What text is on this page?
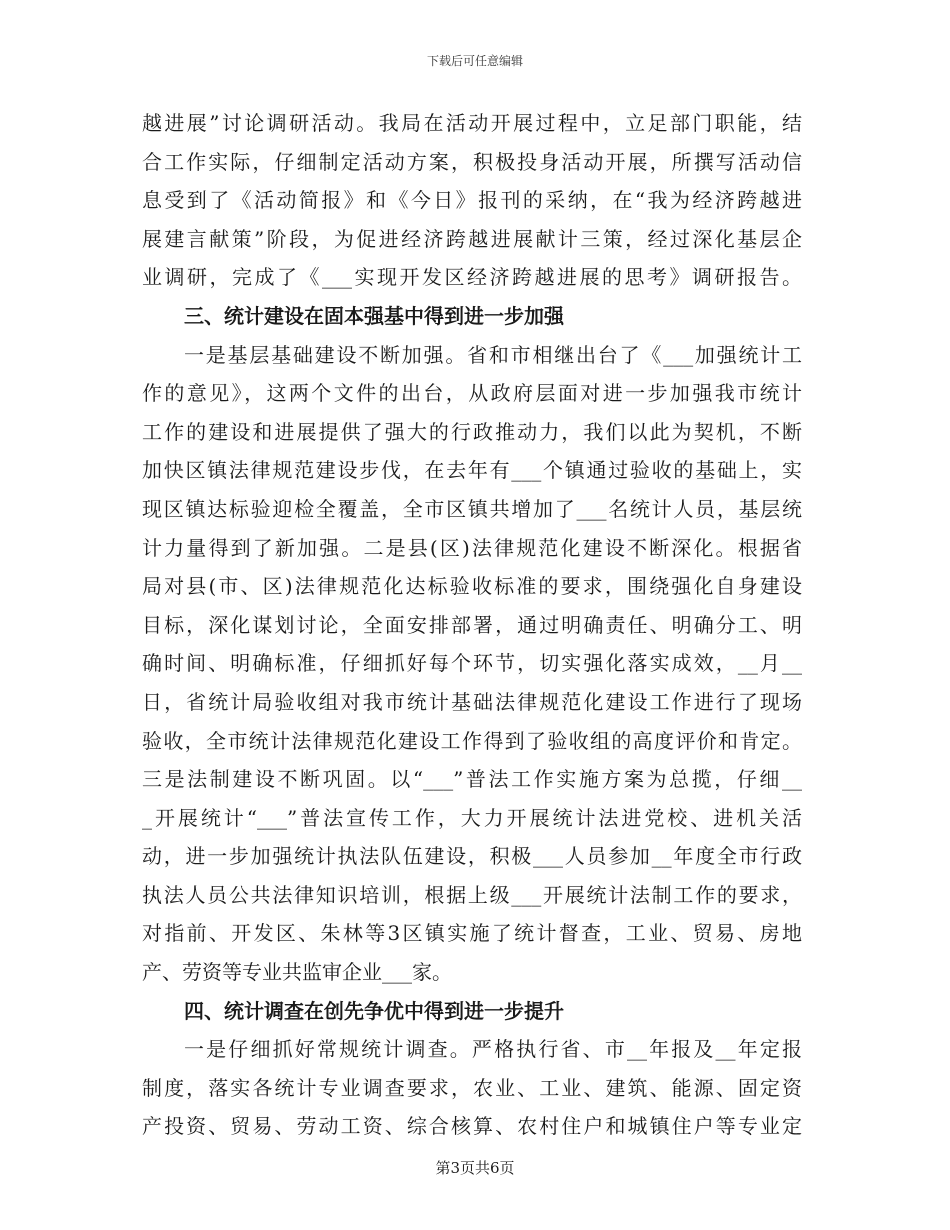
下载后可任意编辑
越进展”讨论调研活动。我局在活动开展过程中，立足部门职能，结
合工作实际，仔细制定活动方案，积极投身活动开展，所撰写活动信
息受到了《活动简报》和《今日》报刊的采纳，在“我为经济跨越进
展建言献策”阶段，为促进经济跨越进展献计三策，经过深化基层企
业调研，完成了《___实现开发区经济跨越进展的思考》调研报告。
三、统计建设在固本强基中得到进一步加强
一是基层基础建设不断加强。省和市相继出台了《___加强统计工
作的意见》，这两个文件的出台，从政府层面对进一步加强我市统计
工作的建设和进展提供了强大的行政推动力，我们以此为契机，不断
加快区镇法律规范建设步伐，在去年有___个镇通过验收的基础上，实
现区镇达标验迎检全覆盖，全市区镇共增加了___名统计人员，基层统
计力量得到了新加强。二是县(区)法律规范化建设不断深化。根据省
局对县(市、区)法律规范化达标验收标准的要求，围绕强化自身建设
目标，深化谋划讨论，全面安排部署，通过明确责任、明确分工、明
确时间、明确标准，仔细抓好每个环节，切实强化落实成效，__月__
日，省统计局验收组对我市统计基础法律规范化建设工作进行了现场
验收，全市统计法律规范化建设工作得到了验收组的高度评价和肯定。
三是法制建设不断巩固。以“___”普法工作实施方案为总揽，仔细__
_开展统计“___”普法宣传工作，大力开展统计法进党校、进机关活
动，进一步加强统计执法队伍建设，积极___人员参加__年度全市行政
执法人员公共法律知识培训，根据上级___开展统计法制工作的要求，
对指前、开发区、朱林等3区镇实施了统计督查，工业、贸易、房地
产、劳资等专业共监审企业___家。
四、统计调查在创先争优中得到进一步提升
一是仔细抓好常规统计调查。严格执行省、市__年报及__年定报
制度，落实各统计专业调查要求，农业、工业、建筑、能源、固定资
产投资、贸易、劳动工资、综合核算、农村住户和城镇住户等专业定
第3页共6页
